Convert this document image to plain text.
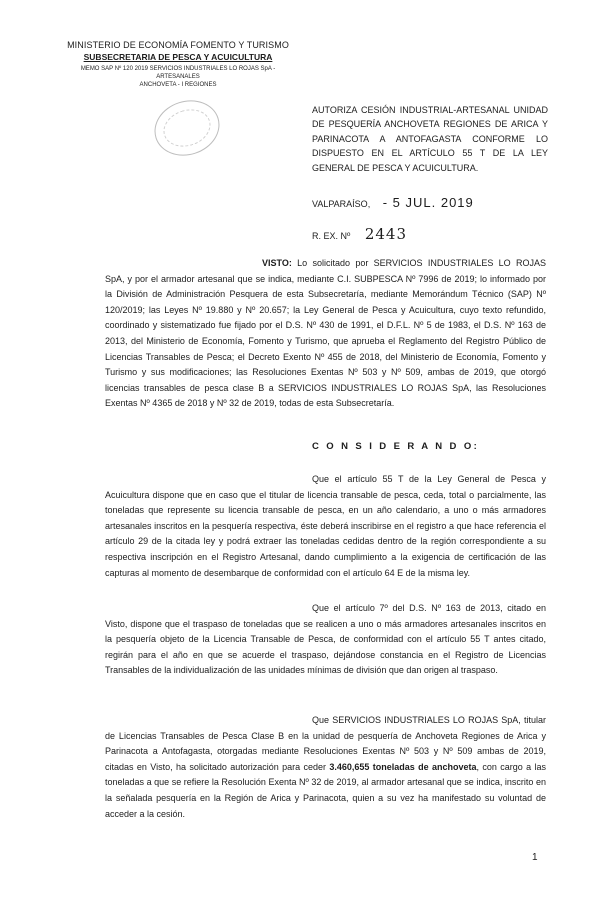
MINISTERIO DE ECONOMÍA FOMENTO Y TURISMO
SUBSECRETARIA DE PESCA Y ACUICULTURA
MEMO SAP Nº 120 2019 SERVICIOS INDUSTRIALES LO ROJAS SpA -
ARTESANALES
ANCHOVETA - I REGIONES
AUTORIZA CESIÓN INDUSTRIAL-ARTESANAL UNIDAD DE PESQUERÍA ANCHOVETA REGIONES DE ARICA Y PARINACOTA A ANTOFAGASTA CONFORME LO DISPUESTO EN EL ARTÍCULO 55 T DE LA LEY GENERAL DE PESCA Y ACUICULTURA.
VALPARAÍSO, - 5 JUL. 2019
R. EX. Nº 2443
VISTO: Lo solicitado por SERVICIOS INDUSTRIALES LO ROJAS SpA, y por el armador artesanal que se indica, mediante C.I. SUBPESCA Nº 7996 de 2019; lo informado por la División de Administración Pesquera de esta Subsecretaría, mediante Memorándum Técnico (SAP) Nº 120/2019; las Leyes Nº 19.880 y Nº 20.657; la Ley General de Pesca y Acuicultura, cuyo texto refundido, coordinado y sistematizado fue fijado por el D.S. Nº 430 de 1991, el D.F.L. Nº 5 de 1983, el D.S. Nº 163 de 2013, del Ministerio de Economía, Fomento y Turismo, que aprueba el Reglamento del Registro Público de Licencias Transables de Pesca; el Decreto Exento Nº 455 de 2018, del Ministerio de Economía, Fomento y Turismo y sus modificaciones; las Resoluciones Exentas Nº 503 y Nº 509, ambas de 2019, que otorgó licencias transables de pesca clase B a SERVICIOS INDUSTRIALES LO ROJAS SpA, las Resoluciones Exentas Nº 4365 de 2018 y Nº 32 de 2019, todas de esta Subsecretaría.
C O N S I D E R A N D O:
Que el artículo 55 T de la Ley General de Pesca y Acuicultura dispone que en caso que el titular de licencia transable de pesca, ceda, total o parcialmente, las toneladas que represente su licencia transable de pesca, en un año calendario, a uno o más armadores artesanales inscritos en la pesquería respectiva, éste deberá inscribirse en el registro a que hace referencia el artículo 29 de la citada ley y podrá extraer las toneladas cedidas dentro de la región correspondiente a su respectiva inscripción en el Registro Artesanal, dando cumplimiento a la exigencia de certificación de las capturas al momento de desembarque de conformidad con el artículo 64 E de la misma ley.
Que el artículo 7º del D.S. Nº 163 de 2013, citado en Visto, dispone que el traspaso de toneladas que se realicen a uno o más armadores artesanales inscritos en la pesquería objeto de la Licencia Transable de Pesca, de conformidad con el artículo 55 T antes citado, regirán para el año en que se acuerde el traspaso, dejándose constancia en el Registro de Licencias Transables de la individualización de las unidades mínimas de división que dan origen al traspaso.
Que SERVICIOS INDUSTRIALES LO ROJAS SpA, titular de Licencias Transables de Pesca Clase B en la unidad de pesquería de Anchoveta Regiones de Arica y Parinacota a Antofagasta, otorgadas mediante Resoluciones Exentas Nº 503 y Nº 509 ambas de 2019, citadas en Visto, ha solicitado autorización para ceder 3.460,655 toneladas de anchoveta, con cargo a las toneladas a que se refiere la Resolución Exenta Nº 32 de 2019, al armador artesanal que se indica, inscrito en la señalada pesquería en la Región de Arica y Parinacota, quien a su vez ha manifestado su voluntad de acceder a la cesión.
1
